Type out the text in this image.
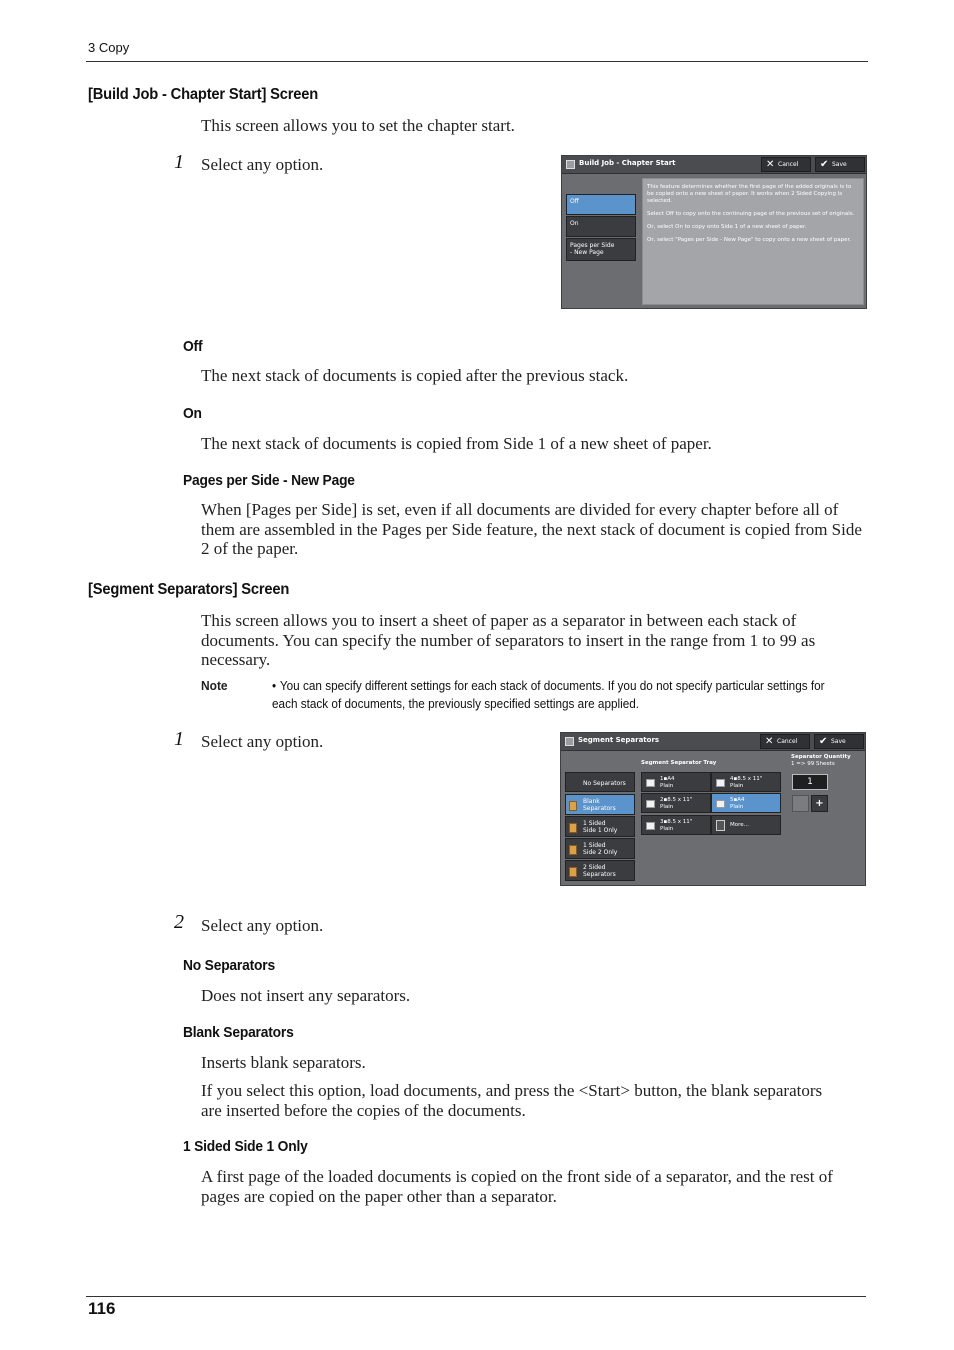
3 Copy
[Build Job - Chapter Start] Screen
This screen allows you to set the chapter start.
1 Select any option.	Build Job - Chapter Start	✕ Cancel	✔ Save
Off
On
Pages per Side
- New Page

This feature determines whether the first page of the added originals is to be copied onto a new sheet of paper. It works when 2 Sided Copying is selected.

Select Off to copy onto the continuing page of the previous set of originals.

Or, select On to copy onto Side 1 of a new sheet of paper.

Or, select "Pages per Side - New Page" to copy onto a new sheet of paper.

Off
The next stack of documents is copied after the previous stack.
On
The next stack of documents is copied from Side 1 of a new sheet of paper.
Pages per Side - New Page
When [Pages per Side] is set, even if all documents are divided for every chapter before all of them are assembled in the Pages per Side feature, the next stack of document is copied from Side 2 of the paper.
[Segment Separators] Screen
This screen allows you to insert a sheet of paper as a separator in between each stack of documents. You can specify the number of separators to insert in the range from 1 to 99 as necessary.
Note	• You can specify different settings for each stack of documents. If you do not specify particular settings for each stack of documents, the previously specified settings are applied.
1 Select any option.	Segment Separators	✕ Cancel	✔ Save
Segment Separator Tray
Separator Quantity
1 => 99 Sheets
No Separators
Blank
Separators
1 Sided
Side 1 Only
1 Sided
Side 2 Only
2 Sided
Separators
1▪A4
Plain
4▪8.5 x 11"
Plain
2▪8.5 x 11"
Plain
5▪A4
Plain
3▪8.5 x 11"
Plain
More...
1
+
2 Select any option.
No Separators
Does not insert any separators.
Blank Separators
Inserts blank separators.
If you select this option, load documents, and press the <Start> button, the blank separators are inserted before the copies of the documents.
1 Sided Side 1 Only
A first page of the loaded documents is copied on the front side of a separator, and the rest of pages are copied on the paper other than a separator.
116
